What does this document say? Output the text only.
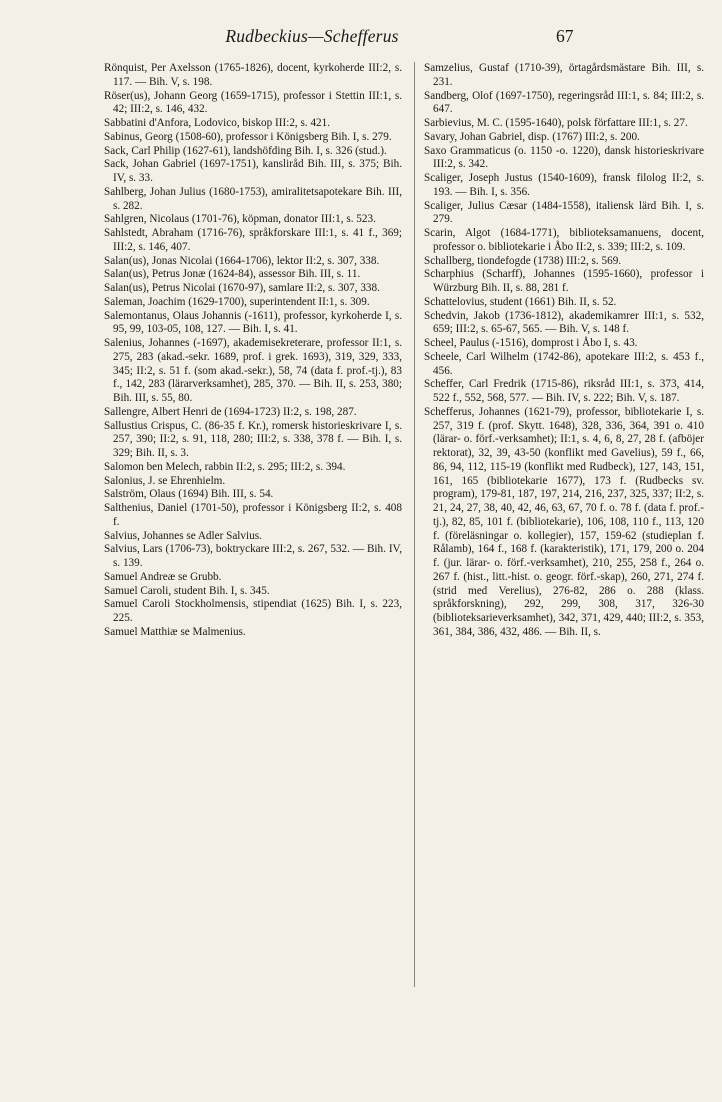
Rudbeckius—Schefferus	67

Rönquist, Per Axelsson (1765-1826), docent, kyrkoherde III:2, s. 117. — Bih. V, s. 198.

Röser(us), Johann Georg (1659-1715), professor i Stettin III:1, s. 42; III:2, s. 146, 432.

Sabbatini d'Anfora, Lodovico, biskop III:2, s. 421.

Sabinus, Georg (1508-60), professor i Königsberg Bih. I, s. 279.

Sack, Carl Philip (1627-61), landshöfding Bih. I, s. 326 (stud.).

Sack, Johan Gabriel (1697-1751), kansliråd Bih. III, s. 375; Bih. IV, s. 33.

Sahlberg, Johan Julius (1680-1753), amiralitetsapotekare Bih. III, s. 282.

Sahlgren, Nicolaus (1701-76), köpman, donator III:1, s. 523.

Sahlstedt, Abraham (1716-76), språkforskare III:1, s. 41 f., 369; III:2, s. 146, 407.

Salan(us), Jonas Nicolai (1664-1706), lektor II:2, s. 307, 338.

Salan(us), Petrus Jonæ (1624-84), assessor Bih. III, s. 11.

Salan(us), Petrus Nicolai (1670-97), samlare II:2, s. 307, 338.

Saleman, Joachim (1629-1700), superintendent II:1, s. 309.

Salemontanus, Olaus Johannis (-1611), professor, kyrkoherde I, s. 95, 99, 103-05, 108, 127. — Bih. I, s. 41.

Salenius, Johannes (-1697), akademisekreterare, professor II:1, s. 275, 283 (akad.-sekr. 1689, prof. i grek. 1693), 319, 329, 333, 345; II:2, s. 51 f. (som akad.-sekr.), 58, 74 (data f. prof.-tj.), 83 f., 142, 283 (lärarverksamhet), 285, 370. — Bih. II, s. 253, 380; Bih. III, s. 55, 80.

Sallengre, Albert Henri de (1694-1723) II:2, s. 198, 287.

Sallustius Crispus, C. (86-35 f. Kr.), romersk historieskrivare I, s. 257, 390; II:2, s. 91, 118, 280; III:2, s. 338, 378 f. — Bih. I, s. 329; Bih. II, s. 3.

Salomon ben Melech, rabbin II:2, s. 295; III:2, s. 394.

Salonius, J. se Ehrenhielm.

Salström, Olaus (1694) Bih. III, s. 54.

Salthenius, Daniel (1701-50), professor i Königsberg II:2, s. 408 f.

Salvius, Johannes se Adler Salvius.

Salvius, Lars (1706-73), boktryckare III:2, s. 267, 532. — Bih. IV, s. 139.

Samuel Andreæ se Grubb.

Samuel Caroli, student Bih. I, s. 345.

Samuel Caroli Stockholmensis, stipendiat (1625) Bih. I, s. 223, 225.

Samuel Matthiæ se Malmenius.

Samzelius, Gustaf (1710-39), örtagårdsmästare Bih. III, s. 231.

Sandberg, Olof (1697-1750), regeringsråd III:1, s. 84; III:2, s. 647.

Sarbievius, M. C. (1595-1640), polsk författare III:1, s. 27.

Savary, Johan Gabriel, disp. (1767) III:2, s. 200.

Saxo Grammaticus (o. 1150 -o. 1220), dansk historieskrivare III:2, s. 342.

Scaliger, Joseph Justus (1540-1609), fransk filolog II:2, s. 193. — Bih. I, s. 356.

Scaliger, Julius Cæsar (1484-1558), italiensk lärd Bih. I, s. 279.

Scarin, Algot (1684-1771), biblioteksamanuens, docent, professor o. bibliotekarie i Åbo II:2, s. 339; III:2, s. 109.

Schallberg, tiondefogde (1738) III:2, s. 569.

Scharphius (Scharff), Johannes (1595-1660), professor i Würzburg Bih. II, s. 88, 281 f.

Schattelovius, student (1661) Bih. II, s. 52.

Schedvin, Jakob (1736-1812), akademikamrer III:1, s. 532, 659; III:2, s. 65-67, 565. — Bih. V, s. 148 f.

Scheel, Paulus (-1516), domprost i Åbo I, s. 43.

Scheele, Carl Wilhelm (1742-86), apotekare III:2, s. 453 f., 456.

Scheffer, Carl Fredrik (1715-86), riksråd III:1, s. 373, 414, 522 f., 552, 568, 577. — Bih. IV, s. 222; Bih. V, s. 187.

Schefferus, Johannes (1621-79), professor, bibliotekarie I, s. 257, 319 f. (prof. Skytt. 1648), 328, 336, 364, 391 o. 410 (lärar- o. förf.-verksamhet); II:1, s. 4, 6, 8, 27, 28 f. (afböjer rektorat), 32, 39, 43-50 (konflikt med Gavelius), 59 f., 66, 86, 94, 112, 115-19 (konflikt med Rudbeck), 127, 143, 151, 161, 165 (bibliotekarie 1677), 173 f. (Rudbecks sv. program), 179-81, 187, 197, 214, 216, 237, 325, 337; II:2, s. 21, 24, 27, 38, 40, 42, 46, 63, 67, 70 f. o. 78 f. (data f. prof.-tj.), 82, 85, 101 f. (bibliotekarie), 106, 108, 110 f., 113, 120 f. (föreläsningar o. kollegier), 157, 159-62 (studieplan f. Rålamb), 164 f., 168 f. (karakteristik), 171, 179, 200 o. 204 f. (jur. lärar- o. förf.-verksamhet), 210, 255, 258 f., 264 o. 267 f. (hist., litt.-hist. o. geogr. förf.-skap), 260, 271, 274 f. (strid med Verelius), 276-82, 286 o. 288 (klass. språkforskning), 292, 299, 308, 317, 326-30 (biblioteksarieverksamhet), 342, 371, 429, 440; III:2, s. 353, 361, 384, 386, 432, 486. — Bih. II, s.
